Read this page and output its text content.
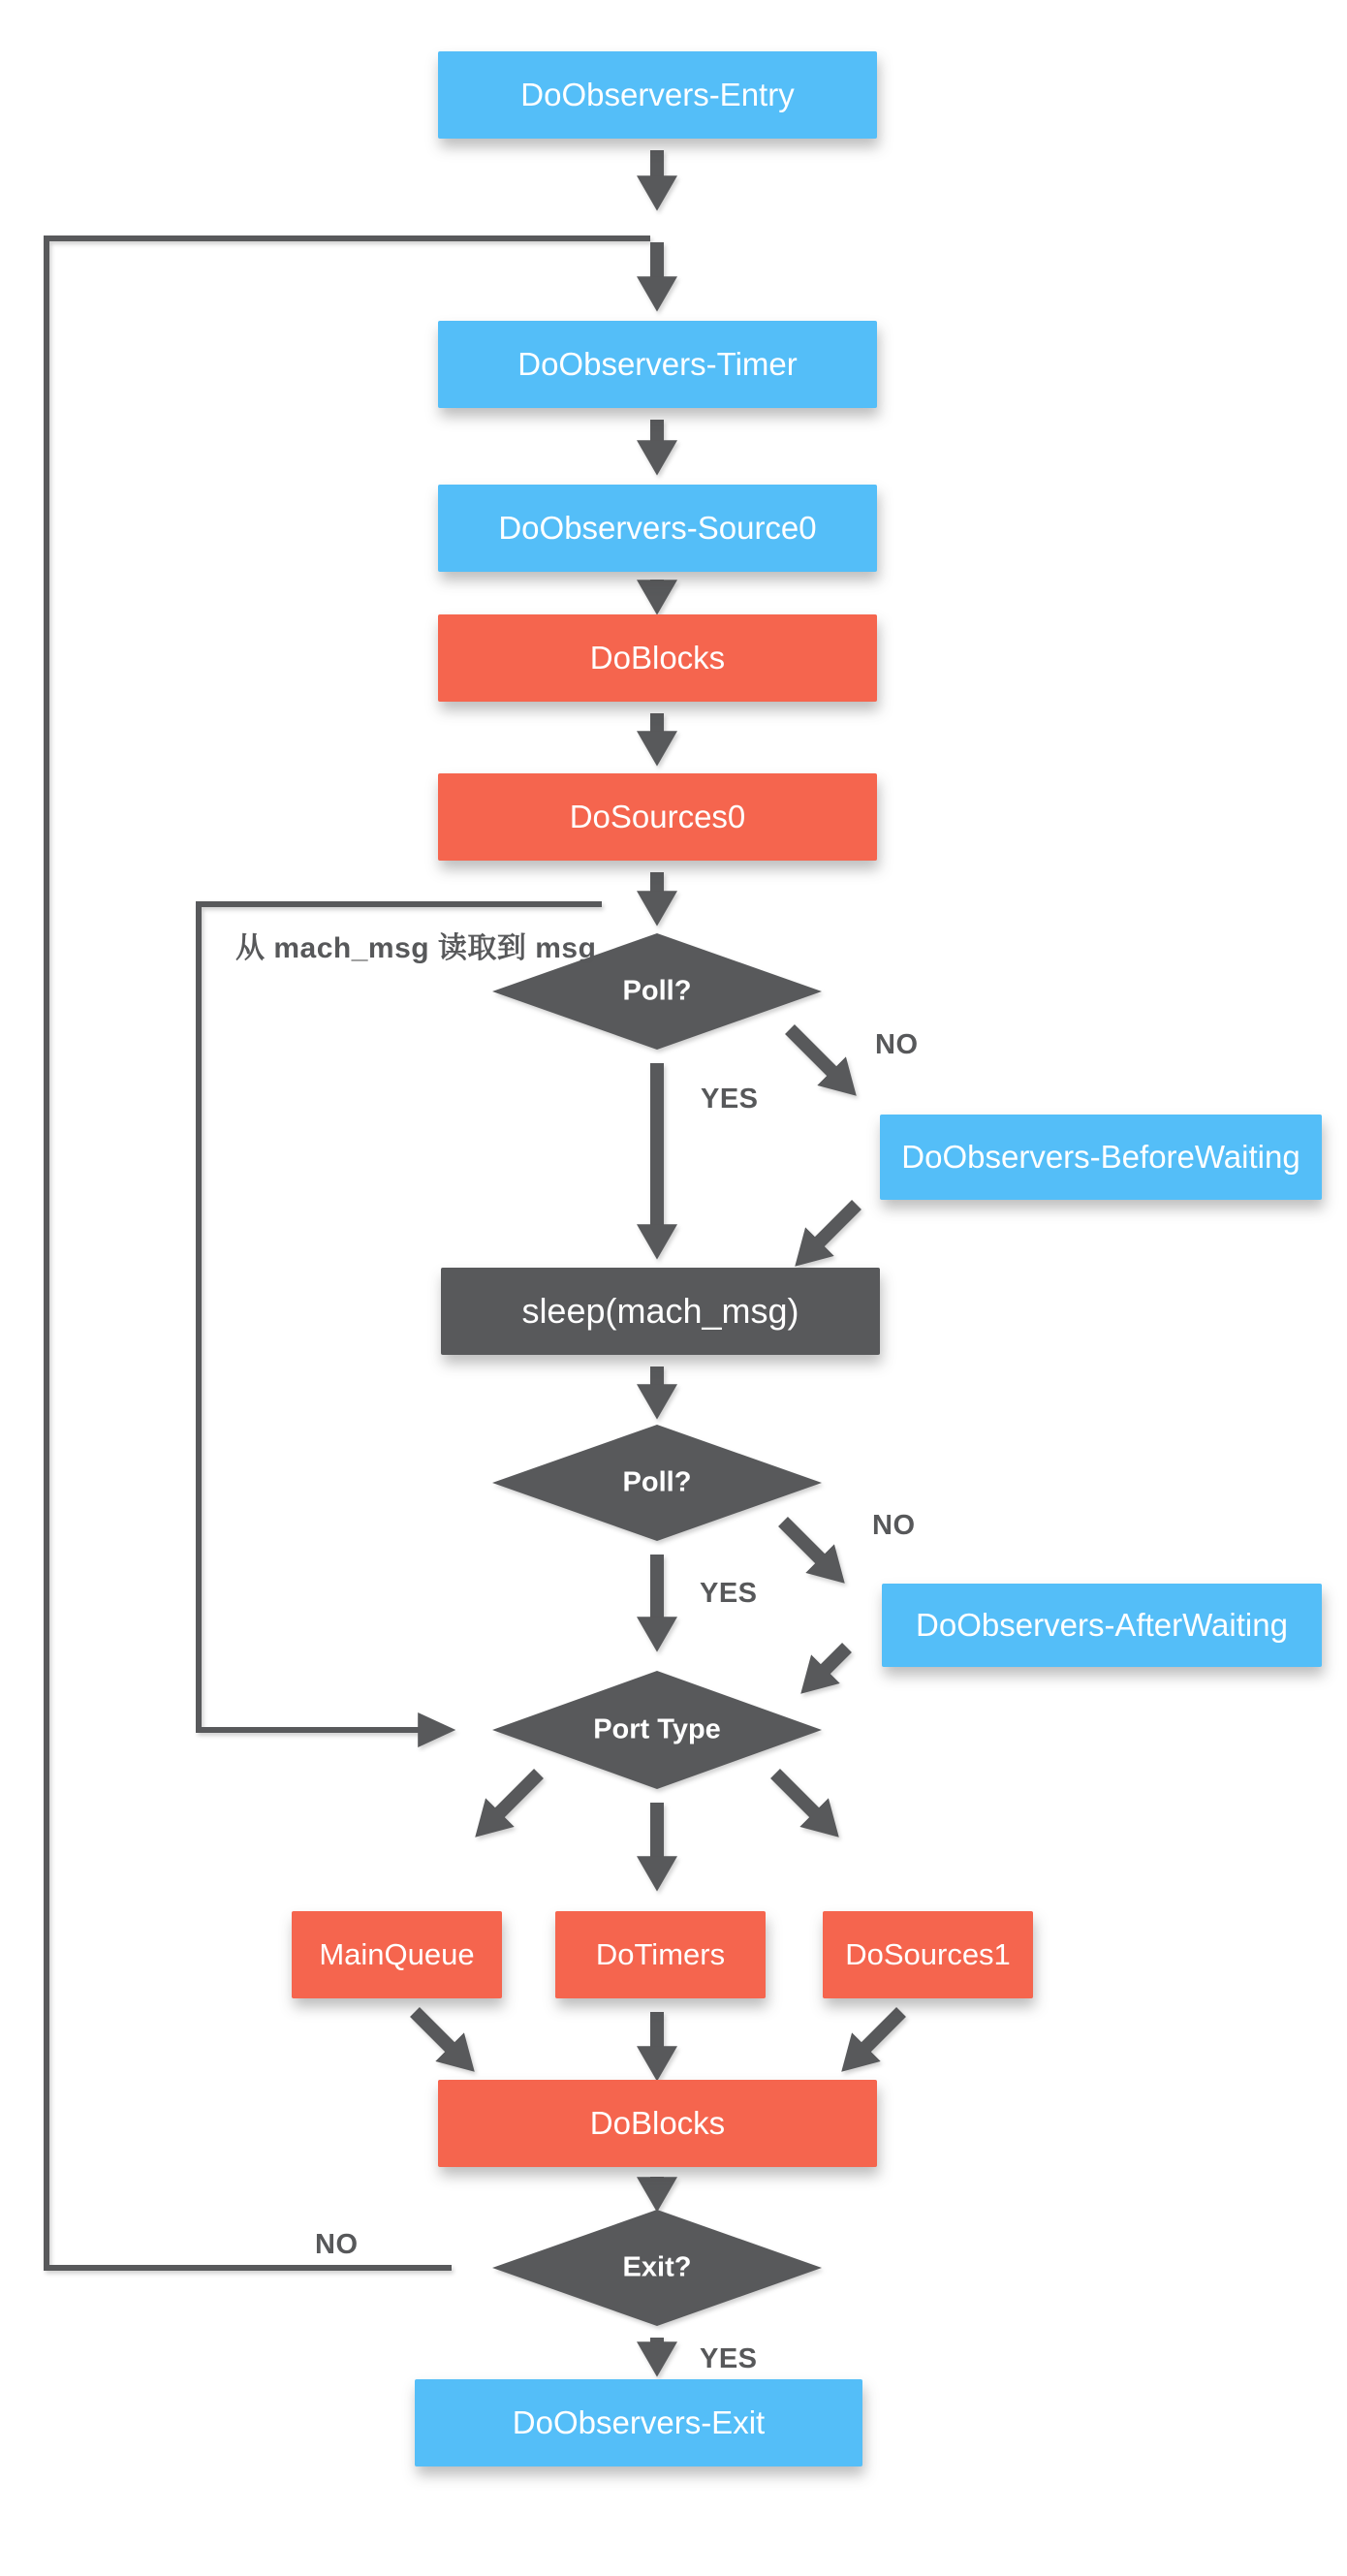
DoObservers-Entry
DoObservers-Timer
DoObservers-Source0
DoBlocks
DoSources0
DoObservers-BeforeWaiting
sleep(mach_msg)
DoObservers-AfterWaiting
MainQueue	DoTimers	DoSources1
DoBlocks
DoObservers-Exit
Poll?
Poll?
Port Type
Exit?
从 mach_msg 读取到 msg
YES
NO
YES
NO
NO
YES
